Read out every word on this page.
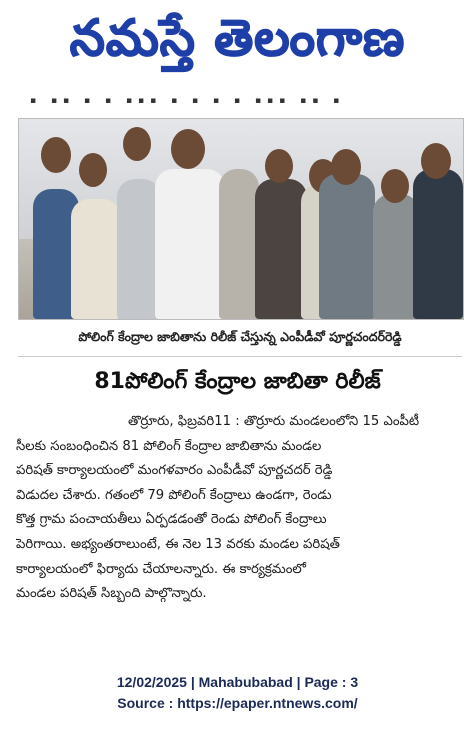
నమస్తే తెలంగాణ
▪ ▪▪ ▪ ▪ ▪▪▪ ▪ ▪ ▪ ▪ ▪▪▪ ▪▪ ▪
పోలింగ్ కేంద్రాల జాబితాను రిలీజ్ చేస్తున్న ఎంపీడీవో పూర్ణచందర్‌రెడ్డి
81పోలింగ్ కేంద్రాల జాబితా రిలీజ్
తొర్రూరు, ఫిబ్రవరి11 : తొర్రూరు మండలంలోని 15 ఎంపీటీ
సీలకు సంబంధించిన 81 పోలింగ్ కేంద్రాల జాబితాను మండల
పరిషత్ కార్యాలయంలో మంగళవారం ఎంపీడీవో పూర్ణచదర్ రెడ్డి
విడుదల చేశారు. గతంలో 79 పోలింగ్ కేంద్రాలు ఉండగా, రెండు
కొత్త గ్రామ పంచాయతీలు ఏర్పడడంతో రెండు పోలింగ్ కేంద్రాలు
పెరిగాయి. అభ్యంతరాలుంటే, ఈ నెల 13 వరకు మండల పరిషత్
కార్యాలయంలో ఫిర్యాదు చేయాలన్నారు. ఈ కార్యక్రమంలో
మండల పరిషత్ సిబ్బంది పాల్గొన్నారు.
12/02/2025 | Mahabubabad | Page : 3
Source : https://epaper.ntnews.com/
